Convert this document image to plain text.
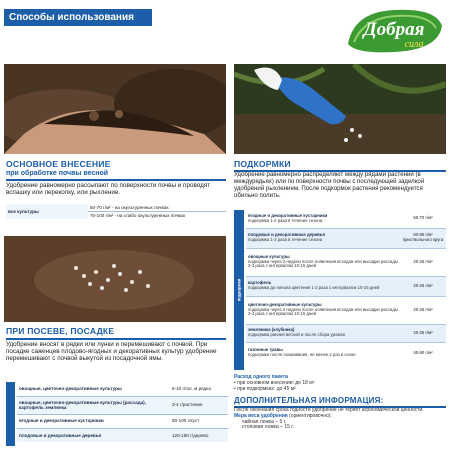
Способы использования
Добрая
сила
ОСНОВНОЕ ВНЕСЕНИЕ
при обработке почвы весной
Удобрение равномерно рассыпают по поверхности почвы и проводят вспашку или перекопку, или рыхление.
все культуры	50-70 г/м² - на окультуренных почвах
70-100 г/м² - на слабо окультуренных почвах
ПРИ ПОСЕВЕ, ПОСАДКЕ
Удобрение вносят в рядки или лунки и перемешивают с почвой. При посадке саженцев плодово-ягодных и декоративных культур удобрение перемешивают с почвой выкутой из посадочной ямы.
овощные, цветочно-декоративные культуры	8-10 г/пог. м рядка
овощные, цветочно-декоративные культуры (рассада), картофель землянка	3-4 г/растение
ягодные и декоративные кустарники	80-100 г/куст
плодовые и декоративные деревья	120-160 г/дерево
ПОДКОРМКИ
Удобрение равномерно распределяют между рядами растений (в междурядьях) или по поверхности почвы с последующей заделкой удобрений рыхлением. После подкормок растения рекомендуется обильно полить.
подкормки
ягодные и декоративные кустарники
подкормка 1-2 раза в течение сезона	50-70 г/м²

плодовые и декоративные деревья
подкормка 1-2 раза в течение сезона	60-80 г/м² приствольного круга

овощные культуры
подкормка через 2 недели после появления всходов или высадки рассады 2-3 раза с интервалом 10-15 дней	20-25 г/м²

картофель
подкормка до начала цветения 1-2 раза с интервалом 10-15 дней	20-25 г/м²

цветочно-декоративные культуры
подкормка через 2 недели после появления всходов или высадки рассады 2-4 раза с интервалом 10-15 дней	20-25 г/м²

земляника (клубника)
подкормка ранней весной и после сбора урожая	20-25 г/м²

газонные травы
подкормка после скашивания, не менее 2 раз в сезон	40-50 г/м²
Расход одного пакета
• при основном внесении: до 18 м²
• при подкормках: до 45 м²
ДОПОЛНИТЕЛЬНАЯ ИНФОРМАЦИЯ:
После окончания срока годности удобрение не теряет агрономической ценности.
Мера веса удобрения (ориентировочно):
чайная ложка – 5 г,
столовая ложка – 15 г.
